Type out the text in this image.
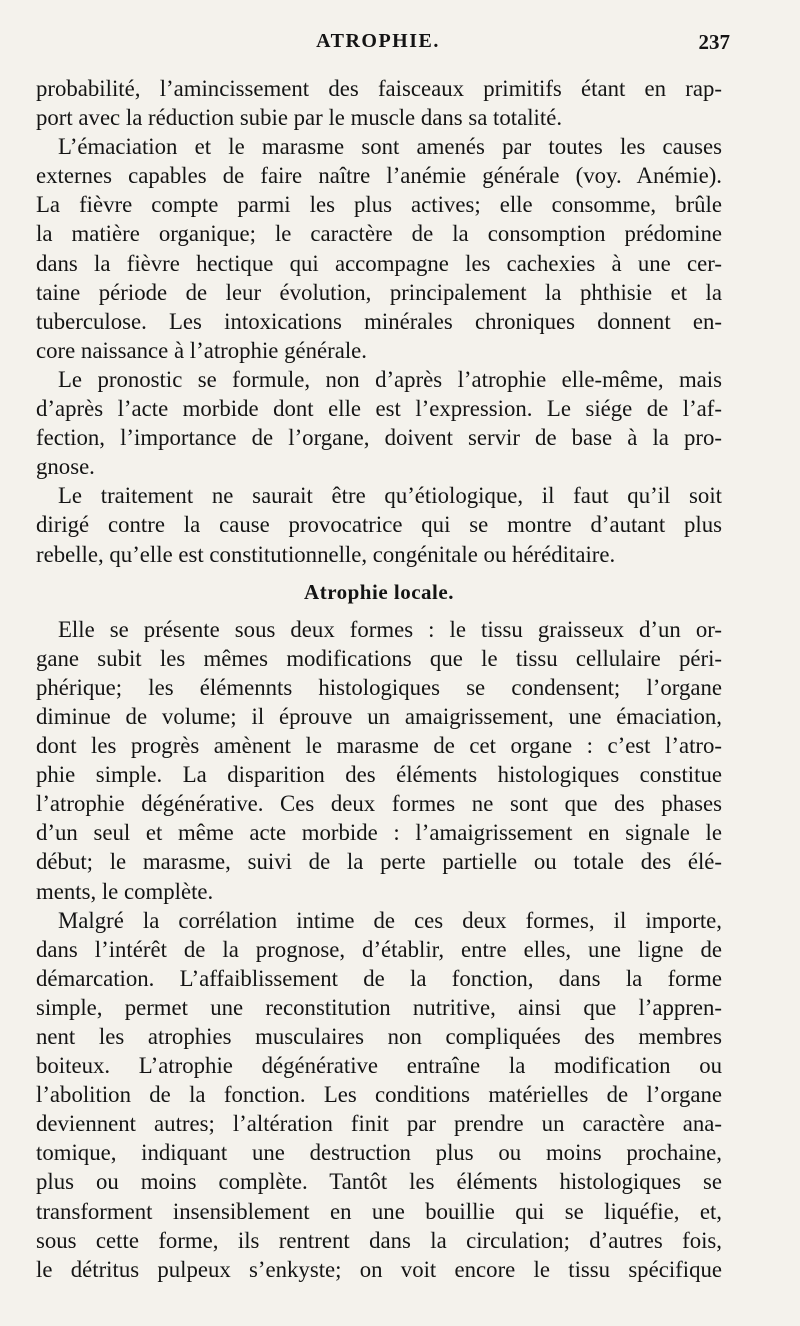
ATROPHIE.	237
probabilité, l’amincissement des faisceaux primitifs étant en rap-
port avec la réduction subie par le muscle dans sa totalité.
L’émaciation et le marasme sont amenés par toutes les causes
externes capables de faire naître l’anémie générale (voy. Anémie).
La fièvre compte parmi les plus actives; elle consomme, brûle
la matière organique; le caractère de la consomption prédomine
dans la fièvre hectique qui accompagne les cachexies à une cer-
taine période de leur évolution, principalement la phthisie et la
tuberculose. Les intoxications minérales chroniques donnent en-
core naissance à l’atrophie générale.
Le pronostic se formule, non d’après l’atrophie elle-même, mais
d’après l’acte morbide dont elle est l’expression. Le siége de l’af-
fection, l’importance de l’organe, doivent servir de base à la pro-
gnose.
Le traitement ne saurait être qu’étiologique, il faut qu’il soit
dirigé contre la cause provocatrice qui se montre d’autant plus
rebelle, qu’elle est constitutionnelle, congénitale ou héréditaire.
Atrophie locale.
Elle se présente sous deux formes : le tissu graisseux d’un or-
gane subit les mêmes modifications que le tissu cellulaire péri-
phérique; les élémennts histologiques se condensent; l’organe
diminue de volume; il éprouve un amaigrissement, une émaciation,
dont les progrès amènent le marasme de cet organe : c’est l’atro-
phie simple. La disparition des éléments histologiques constitue
l’atrophie dégénérative. Ces deux formes ne sont que des phases
d’un seul et même acte morbide : l’amaigrissement en signale le
début; le marasme, suivi de la perte partielle ou totale des élé-
ments, le complète.
Malgré la corrélation intime de ces deux formes, il importe,
dans l’intérêt de la prognose, d’établir, entre elles, une ligne de
démarcation. L’affaiblissement de la fonction, dans la forme
simple, permet une reconstitution nutritive, ainsi que l’appren-
nent les atrophies musculaires non compliquées des membres
boiteux. L’atrophie dégénérative entraîne la modification ou
l’abolition de la fonction. Les conditions matérielles de l’organe
deviennent autres; l’altération finit par prendre un caractère ana-
tomique, indiquant une destruction plus ou moins prochaine,
plus ou moins complète. Tantôt les éléments histologiques se
transforment insensiblement en une bouillie qui se liquéfie, et,
sous cette forme, ils rentrent dans la circulation; d’autres fois,
le détritus pulpeux s’enkyste; on voit encore le tissu spécifique
